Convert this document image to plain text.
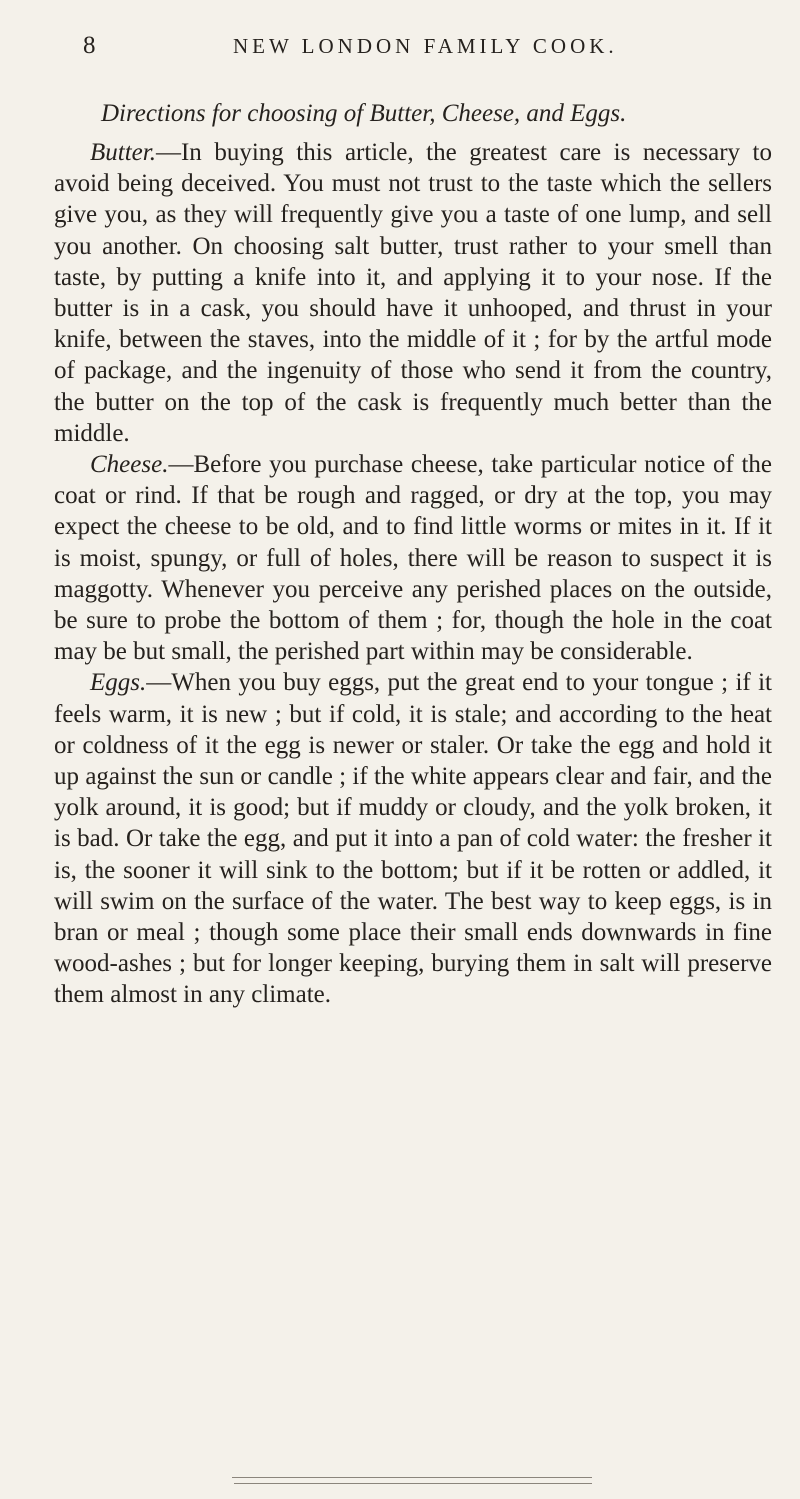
8	NEW LONDON FAMILY COOK.
Directions for choosing of Butter, Cheese, and Eggs.

Butter.—In buying this article, the greatest care is necessary to avoid being deceived. You must not trust to the taste which the sellers give you, as they will frequently give you a taste of one lump, and sell you another. On choosing salt butter, trust rather to your smell than taste, by putting a knife into it, and applying it to your nose. If the butter is in a cask, you should have it unhooped, and thrust in your knife, between the staves, into the middle of it ; for by the artful mode of package, and the ingenuity of those who send it from the country, the butter on the top of the cask is frequently much better than the middle.

Cheese.—Before you purchase cheese, take particular notice of the coat or rind. If that be rough and ragged, or dry at the top, you may expect the cheese to be old, and to find little worms or mites in it. If it is moist, spungy, or full of holes, there will be reason to suspect it is maggotty. Whenever you perceive any perished places on the outside, be sure to probe the bottom of them ; for, though the hole in the coat may be but small, the perished part within may be considerable.

Eggs.—When you buy eggs, put the great end to your tongue ; if it feels warm, it is new ; but if cold, it is stale; and according to the heat or coldness of it the egg is newer or staler. Or take the egg and hold it up against the sun or candle ; if the white appears clear and fair, and the yolk around, it is good; but if muddy or cloudy, and the yolk broken, it is bad. Or take the egg, and put it into a pan of cold water: the fresher it is, the sooner it will sink to the bottom; but if it be rotten or addled, it will swim on the surface of the water. The best way to keep eggs, is in bran or meal ; though some place their small ends downwards in fine wood-ashes ; but for longer keeping, burying them in salt will preserve them almost in any climate.
